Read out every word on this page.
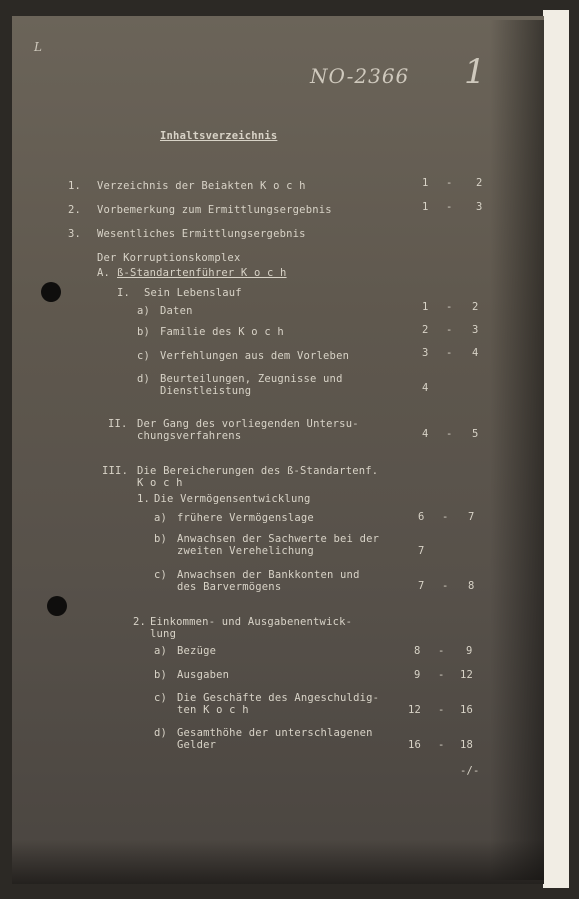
L
NO-2366 1
Inhaltsverzeichnis
1. Verzeichnis der Beiakten K o c h	1 - 2
2. Vorbemerkung zum Ermittlungsergebnis	1 - 3
3. Wesentliches Ermittlungsergebnis
Der Korruptionskomplex
A. ß-Standartenführer K o c h
I. Sein Lebenslauf
a) Daten	1 - 2
b) Familie des K o c h	2 - 3
c) Verfehlungen aus dem Vorleben	3 - 4
d) Beurteilungen, Zeugnisse und
Dienstleistung	4
II. Der Gang des vorliegenden Untersu-
chungsverfahrens	4 - 5
III. Die Bereicherungen des ß-Standartenf.
K o c h
1. Die Vermögensentwicklung
a) frühere Vermögenslage	6 - 7
b) Anwachsen der Sachwerte bei der
zweiten Verehelichung	7
c) Anwachsen der Bankkonten und
des Barvermögens	7 - 8
2. Einkommen- und Ausgabenentwick-
lung
a) Bezüge	8 - 9
b) Ausgaben	9 - 12
c) Die Geschäfte des Angeschuldig-
ten K o c h	12 - 16
d) Gesamthöhe der unterschlagenen
Gelder	16 - 18
-/-
